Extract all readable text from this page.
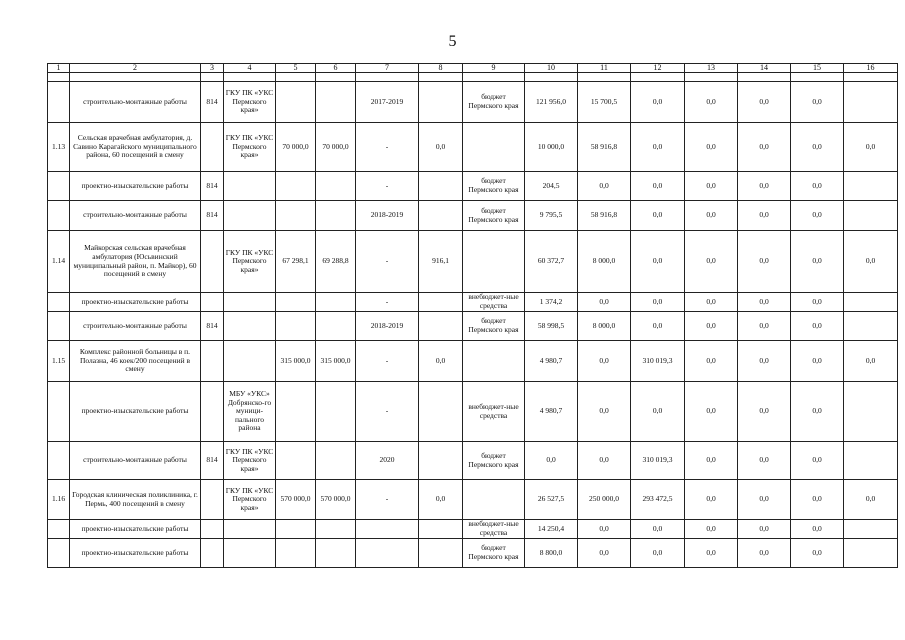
5
1	2	3	4	5	6	7	8	9	10	11	12	13	14	15	16

	строительно-монтажные работы	814	ГКУ ПК «УКС Пермского края»			2017-2019		бюджет Пермского края	121 956,0	15 700,5	0,0	0,0	0,0	0,0	
1.13	Сельская врачебная амбулатория, д. Савино Карагайского муниципального района, 60 посещений в смену		ГКУ ПК «УКС Пермского края»	70 000,0	70 000,0	-	0,0		10 000,0	58 916,8	0,0	0,0	0,0	0,0	0,0
	проектно-изыскательские работы	814				-		бюджет Пермского края	204,5	0,0	0,0	0,0	0,0	0,0	
	строительно-монтажные работы	814				2018-2019		бюджет Пермского края	9 795,5	58 916,8	0,0	0,0	0,0	0,0	
1.14	Майкорская сельская врачебная амбулатория (Юсьвинский муниципальный район, п. Майкор), 60 посещений в смену		ГКУ ПК «УКС Пермского края»	67 298,1	69 288,8	-	916,1		60 372,7	8 000,0	0,0	0,0	0,0	0,0	0,0
	проектно-изыскательские работы					-		внебюджет-ные средства	1 374,2	0,0	0,0	0,0	0,0	0,0	
	строительно-монтажные работы	814				2018-2019		бюджет Пермского края	58 998,5	8 000,0	0,0	0,0	0,0	0,0	
1.15	Комплекс районной больницы в п. Полазна, 46 коек/200 посещений в смену			315 000,0	315 000,0	-	0,0		4 980,7	0,0	310 019,3	0,0	0,0	0,0	0,0
	проектно-изыскательские работы		МБУ «УКС» Добрянско-го муници-пального района			-		внебюджет-ные средства	4 980,7	0,0	0,0	0,0	0,0	0,0	
	строительно-монтажные работы	814	ГКУ ПК «УКС Пермского края»			2020		бюджет Пермского края	0,0	0,0	310 019,3	0,0	0,0	0,0	
1.16	Городская клиническая поликлиника, г. Пермь, 400 посещений в смену		ГКУ ПК «УКС Пермского края»	570 000,0	570 000,0	-	0,0		26 527,5	250 000,0	293 472,5	0,0	0,0	0,0	0,0
	проектно-изыскательские работы							внебюджет-ные средства	14 250,4	0,0	0,0	0,0	0,0	0,0	
	проектно-изыскательские работы							бюджет Пермского края	8 800,0	0,0	0,0	0,0	0,0	0,0	
